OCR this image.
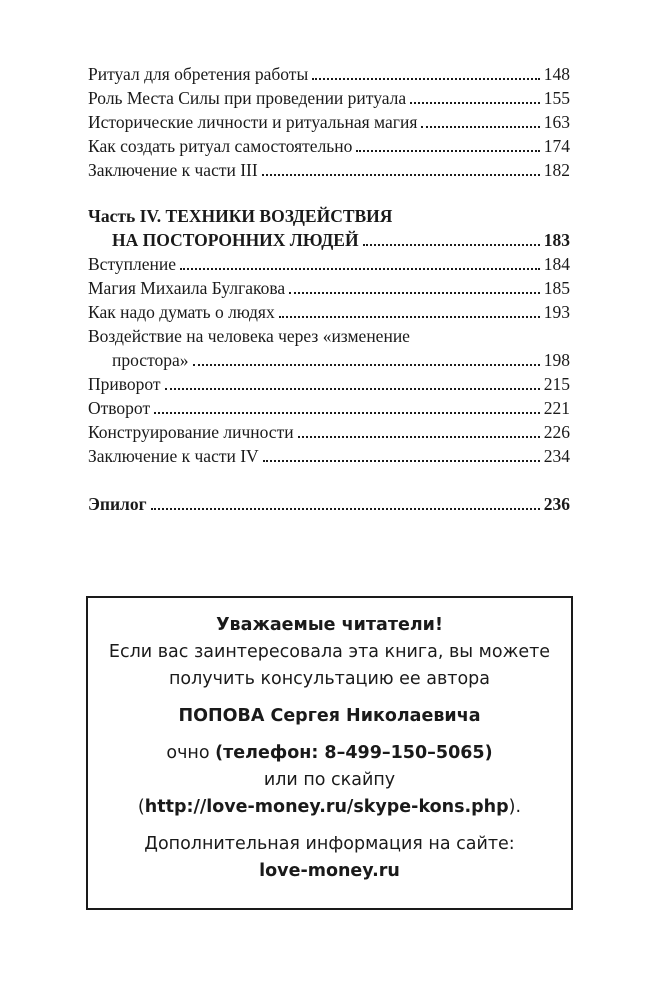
Ритуал для обретения работы	148
Роль Места Силы при проведении ритуала	155
Исторические личности и ритуальная магия	163
Как создать ритуал самостоятельно	174
Заключение к части III	182
Часть IV. ТЕХНИКИ ВОЗДЕЙСТВИЯ
НА ПОСТОРОННИХ ЛЮДЕЙ	183
Вступление	184
Магия Михаила Булгакова	185
Как надо думать о людях	193
Воздействие на человека через «изменение
простора»	198
Приворот	215
Отворот	221
Конструирование личности	226
Заключение к части IV	234
Эпилог	236
Уважаемые читатели!
Если вас заинтересовала эта книга, вы можете
получить консультацию ее автора
ПОПОВА Сергея Николаевича
очно (телефон: 8–499–150–5065)
или по скайпу
(http://love-money.ru/skype-kons.php).
Дополнительная информация на сайте:
love-money.ru
